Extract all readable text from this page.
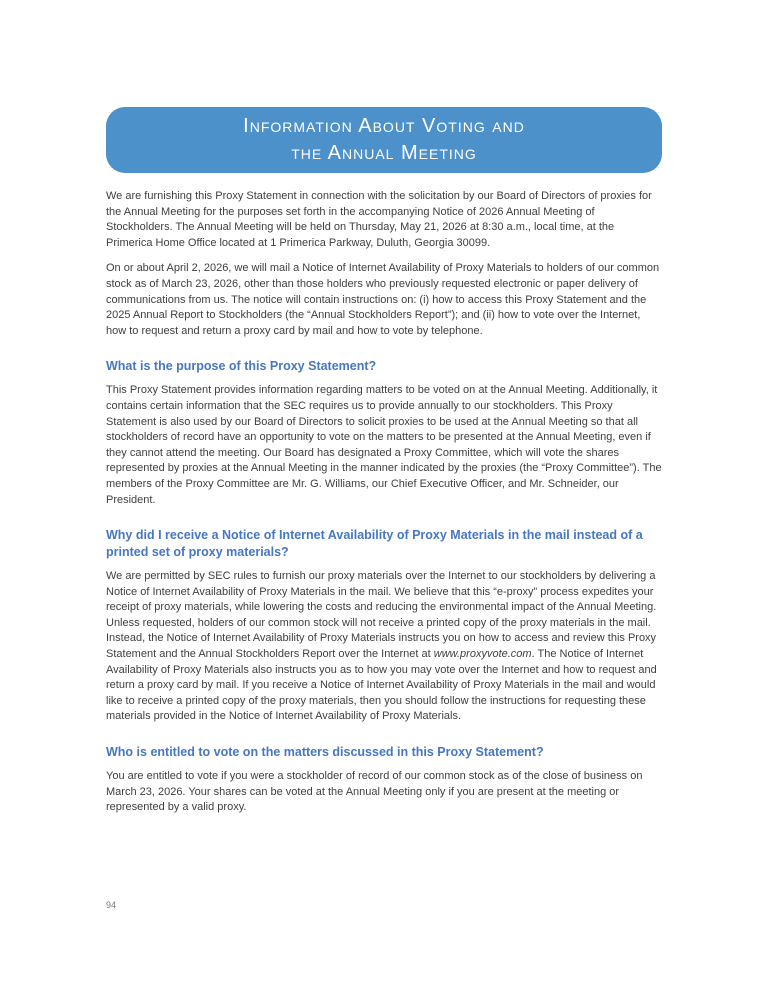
Information About Voting and
the Annual Meeting

We are furnishing this Proxy Statement in connection with the solicitation by our Board of Directors of proxies for the Annual Meeting for the purposes set forth in the accompanying Notice of 2026 Annual Meeting of Stockholders. The Annual Meeting will be held on Thursday, May 21, 2026 at 8:30 a.m., local time, at the Primerica Home Office located at 1 Primerica Parkway, Duluth, Georgia 30099.

On or about April 2, 2026, we will mail a Notice of Internet Availability of Proxy Materials to holders of our common stock as of March 23, 2026, other than those holders who previously requested electronic or paper delivery of communications from us. The notice will contain instructions on: (i) how to access this Proxy Statement and the 2025 Annual Report to Stockholders (the “Annual Stockholders Report”); and (ii) how to vote over the Internet, how to request and return a proxy card by mail and how to vote by telephone.

What is the purpose of this Proxy Statement?

This Proxy Statement provides information regarding matters to be voted on at the Annual Meeting. Additionally, it contains certain information that the SEC requires us to provide annually to our stockholders. This Proxy Statement is also used by our Board of Directors to solicit proxies to be used at the Annual Meeting so that all stockholders of record have an opportunity to vote on the matters to be presented at the Annual Meeting, even if they cannot attend the meeting. Our Board has designated a Proxy Committee, which will vote the shares represented by proxies at the Annual Meeting in the manner indicated by the proxies (the “Proxy Committee”). The members of the Proxy Committee are Mr. G. Williams, our Chief Executive Officer, and Mr. Schneider, our President.

Why did I receive a Notice of Internet Availability of Proxy Materials in the mail instead of a printed set of proxy materials?

We are permitted by SEC rules to furnish our proxy materials over the Internet to our stockholders by delivering a Notice of Internet Availability of Proxy Materials in the mail. We believe that this “e-proxy” process expedites your receipt of proxy materials, while lowering the costs and reducing the environmental impact of the Annual Meeting. Unless requested, holders of our common stock will not receive a printed copy of the proxy materials in the mail. Instead, the Notice of Internet Availability of Proxy Materials instructs you on how to access and review this Proxy Statement and the Annual Stockholders Report over the Internet at www.proxyvote.com. The Notice of Internet Availability of Proxy Materials also instructs you as to how you may vote over the Internet and how to request and return a proxy card by mail. If you receive a Notice of Internet Availability of Proxy Materials in the mail and would like to receive a printed copy of the proxy materials, then you should follow the instructions for requesting these materials provided in the Notice of Internet Availability of Proxy Materials.

Who is entitled to vote on the matters discussed in this Proxy Statement?

You are entitled to vote if you were a stockholder of record of our common stock as of the close of business on March 23, 2026. Your shares can be voted at the Annual Meeting only if you are present at the meeting or represented by a valid proxy.

94
